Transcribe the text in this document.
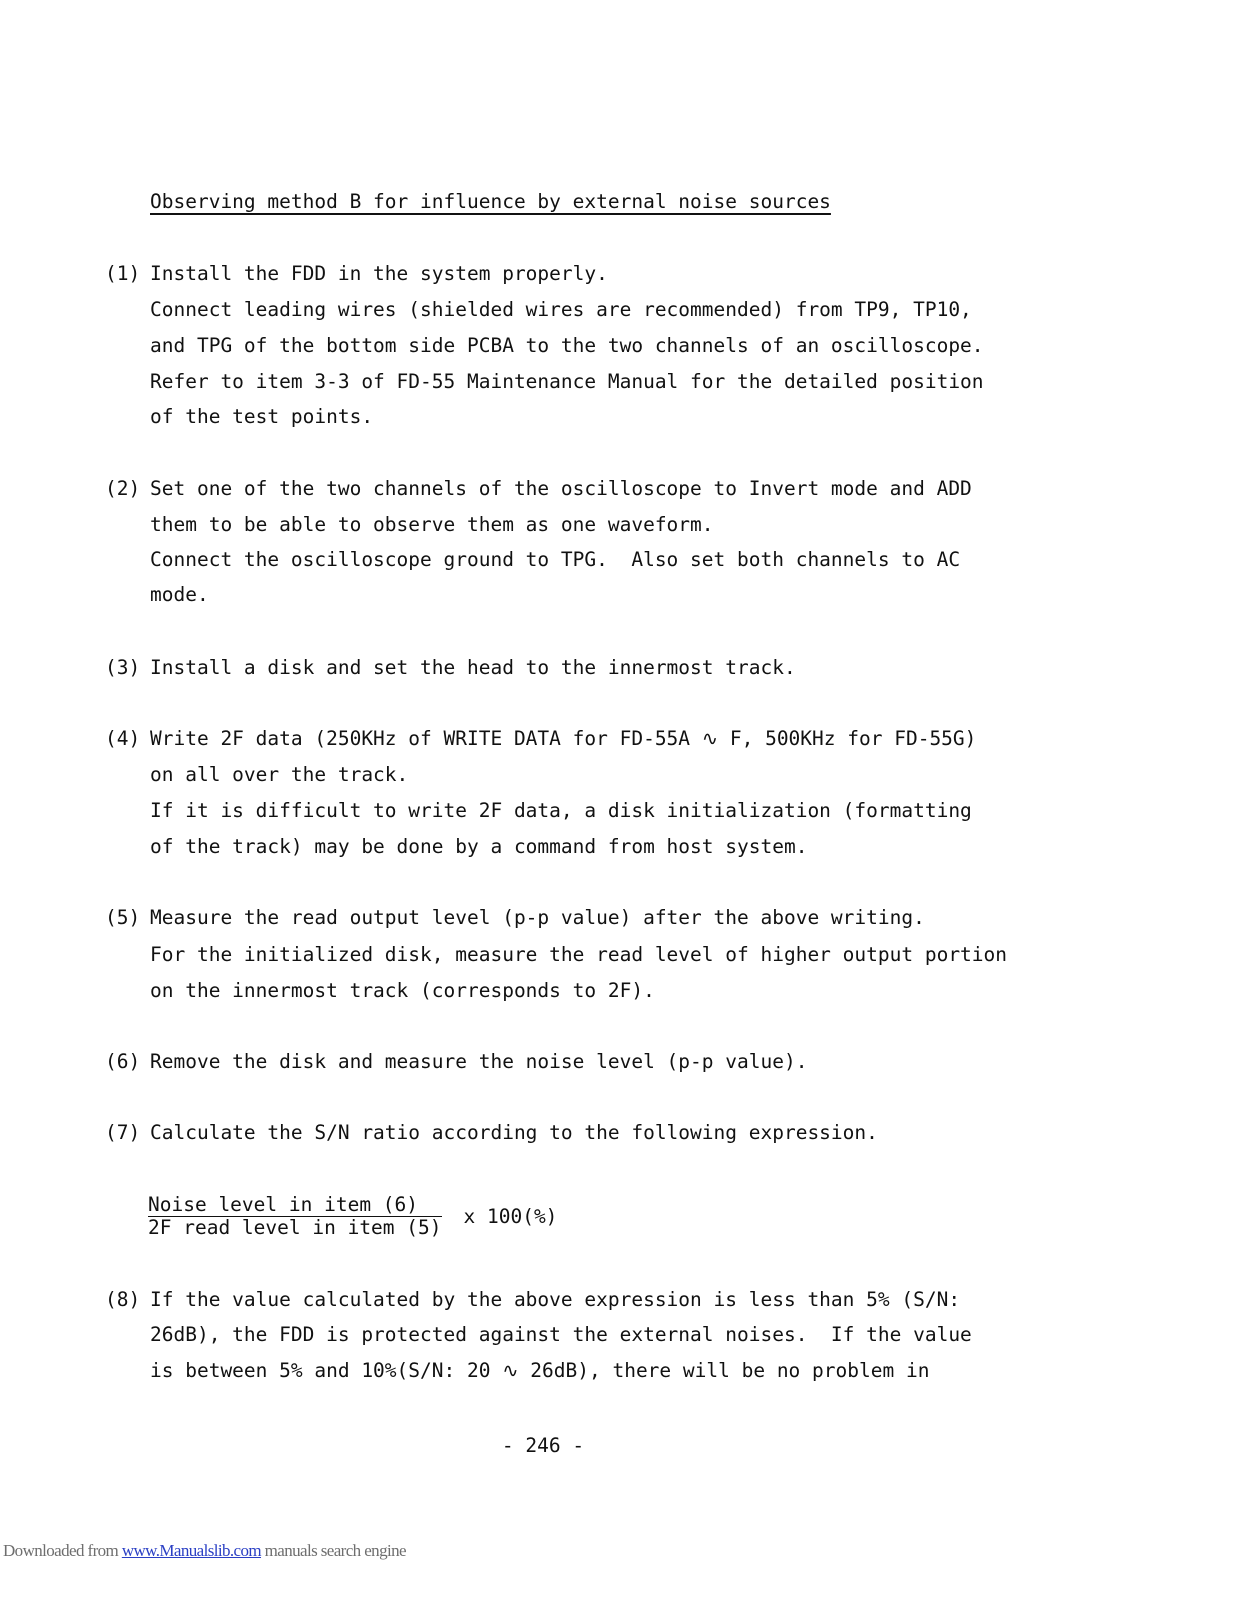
Observing method B for influence by external noise sources
(1) Install the FDD in the system properly.
Connect leading wires (shielded wires are recommended) from TP9, TP10,
and TPG of the bottom side PCBA to the two channels of an oscilloscope.
Refer to item 3-3 of FD-55 Maintenance Manual for the detailed position
of the test points.
(2) Set one of the two channels of the oscilloscope to Invert mode and ADD
them to be able to observe them as one waveform.
Connect the oscilloscope ground to TPG.  Also set both channels to AC
mode.
(3) Install a disk and set the head to the innermost track.
(4) Write 2F data (250KHz of WRITE DATA for FD-55A ∿ F, 500KHz for FD-55G)
on all over the track.
If it is difficult to write 2F data, a disk initialization (formatting
of the track) may be done by a command from host system.
(5) Measure the read output level (p-p value) after the above writing.
For the initialized disk, measure the read level of higher output portion
on the innermost track (corresponds to 2F).
(6) Remove the disk and measure the noise level (p-p value).
(7) Calculate the S/N ratio according to the following expression.
$\frac{\text{Noise level in item (6)}}{\text{2F read level in item (5)}}$ x 100(%)
(8) If the value calculated by the above expression is less than 5% (S/N:
26dB), the FDD is protected against the external noises.  If the value
is between 5% and 10%(S/N: 20 ∿ 26dB), there will be no problem in
- 246 -
Downloaded from www.Manualslib.com manuals search engine
